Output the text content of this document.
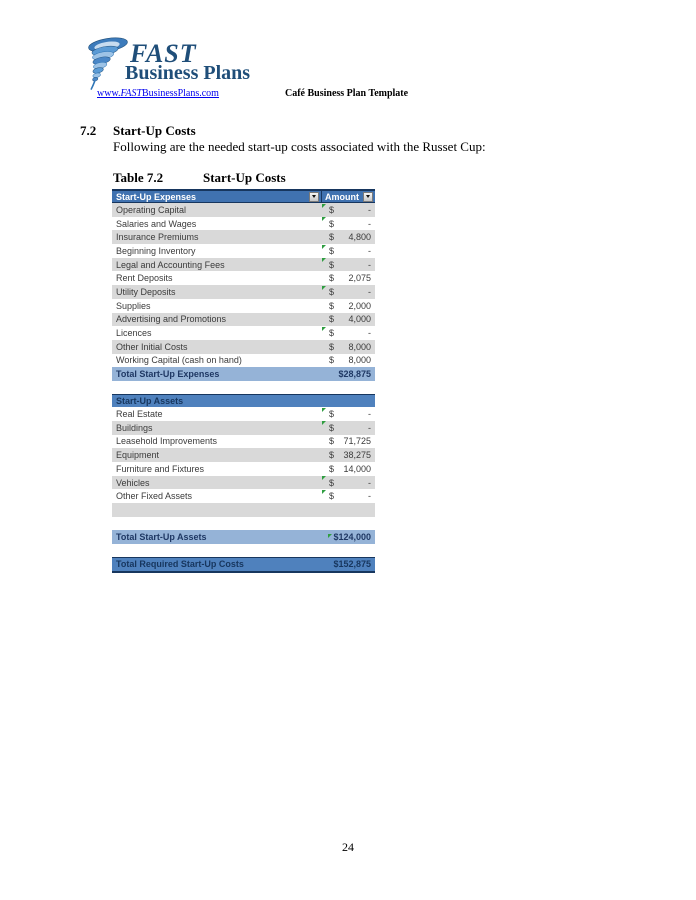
FAST
Business Plans
www.FASTBusinessPlans.com	Café Business Plan Template
7.2 Start-Up Costs
Following are the needed start-up costs associated with the Russet Cup:
Table 7.2	Start-Up Costs
Start-Up Expenses	Amount
Operating Capital	$	-
Salaries and Wages	$	-
Insurance Premiums	$ 4,800
Beginning Inventory	$	-
Legal and Accounting Fees	$	-
Rent Deposits	$ 2,075
Utility Deposits	$	-
Supplies	$ 2,000
Advertising and Promotions	$ 4,000
Licences	$	-
Other Initial Costs	$ 8,000
Working Capital (cash on hand)	$ 8,000
Total Start-Up Expenses	$28,875
Start-Up Assets
Real Estate	$	-
Buildings	$	-
Leasehold Improvements	$ 71,725
Equipment	$ 38,275
Furniture and Fixtures	$ 14,000
Vehicles	$	-
Other Fixed Assets	$	-
Total Start-Up Assets	$124,000
Total Required Start-Up Costs	$152,875
24
